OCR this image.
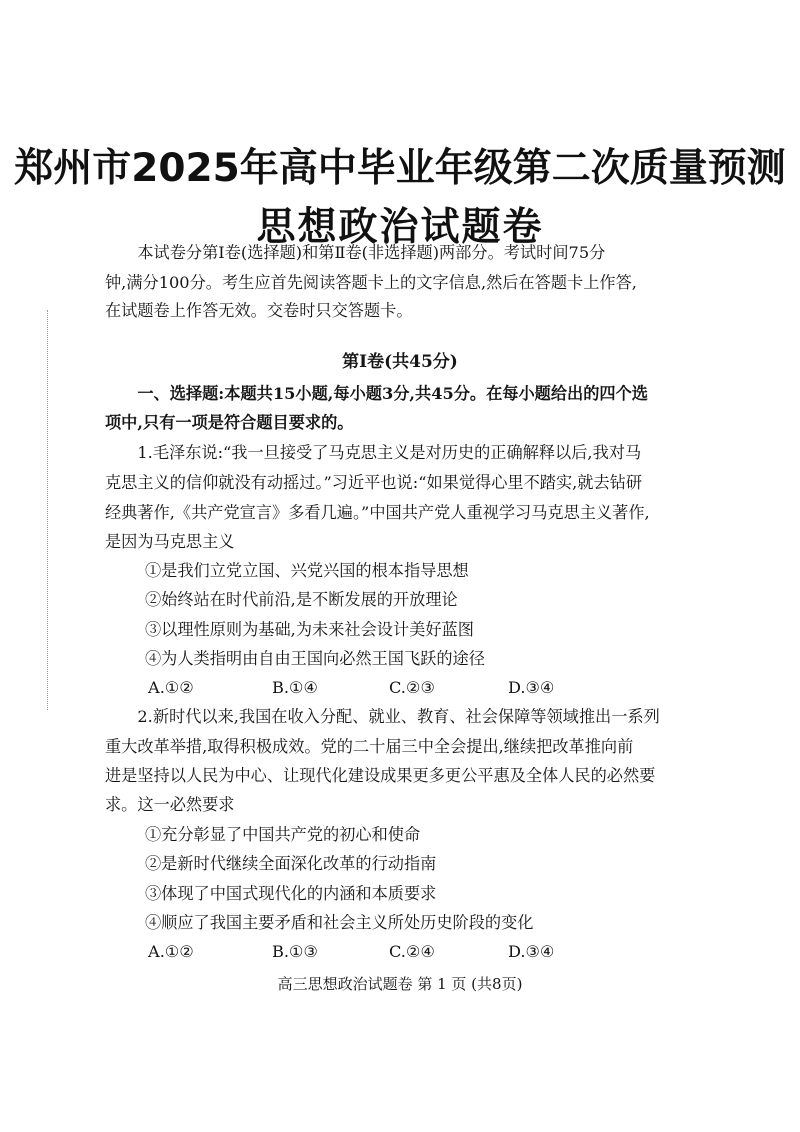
郑州市2025年高中毕业年级第二次质量预测
思想政治试题卷
　　本试卷分第Ⅰ卷(选择题)和第Ⅱ卷(非选择题)两部分。考试时间75分
钟,满分100分。考生应首先阅读答题卡上的文字信息,然后在答题卡上作答,
在试题卷上作答无效。交卷时只交答题卡。
第Ⅰ卷(共45分)
　　一、选择题:本题共15小题,每小题3分,共45分。在每小题给出的四个选
项中,只有一项是符合题目要求的。
　　1.毛泽东说:“我一旦接受了马克思主义是对历史的正确解释以后,我对马
克思主义的信仰就没有动摇过。”习近平也说:“如果觉得心里不踏实,就去钻研
经典著作,《共产党宣言》多看几遍。”中国共产党人重视学习马克思主义著作,
是因为马克思主义
①是我们立党立国、兴党兴国的根本指导思想
②始终站在时代前沿,是不断发展的开放理论
③以理性原则为基础,为未来社会设计美好蓝图
④为人类指明由自由王国向必然王国飞跃的途径
A.①②	B.①④	C.②③	D.③④
　　2.新时代以来,我国在收入分配、就业、教育、社会保障等领域推出一系列
重大改革举措,取得积极成效。党的二十届三中全会提出,继续把改革推向前
进是坚持以人民为中心、让现代化建设成果更多更公平惠及全体人民的必然要
求。这一必然要求
①充分彰显了中国共产党的初心和使命
②是新时代继续全面深化改革的行动指南
③体现了中国式现代化的内涵和本质要求
④顺应了我国主要矛盾和社会主义所处历史阶段的变化
A.①②	B.①③	C.②④	D.③④
高三思想政治试题卷 第 1 页 (共8页)
